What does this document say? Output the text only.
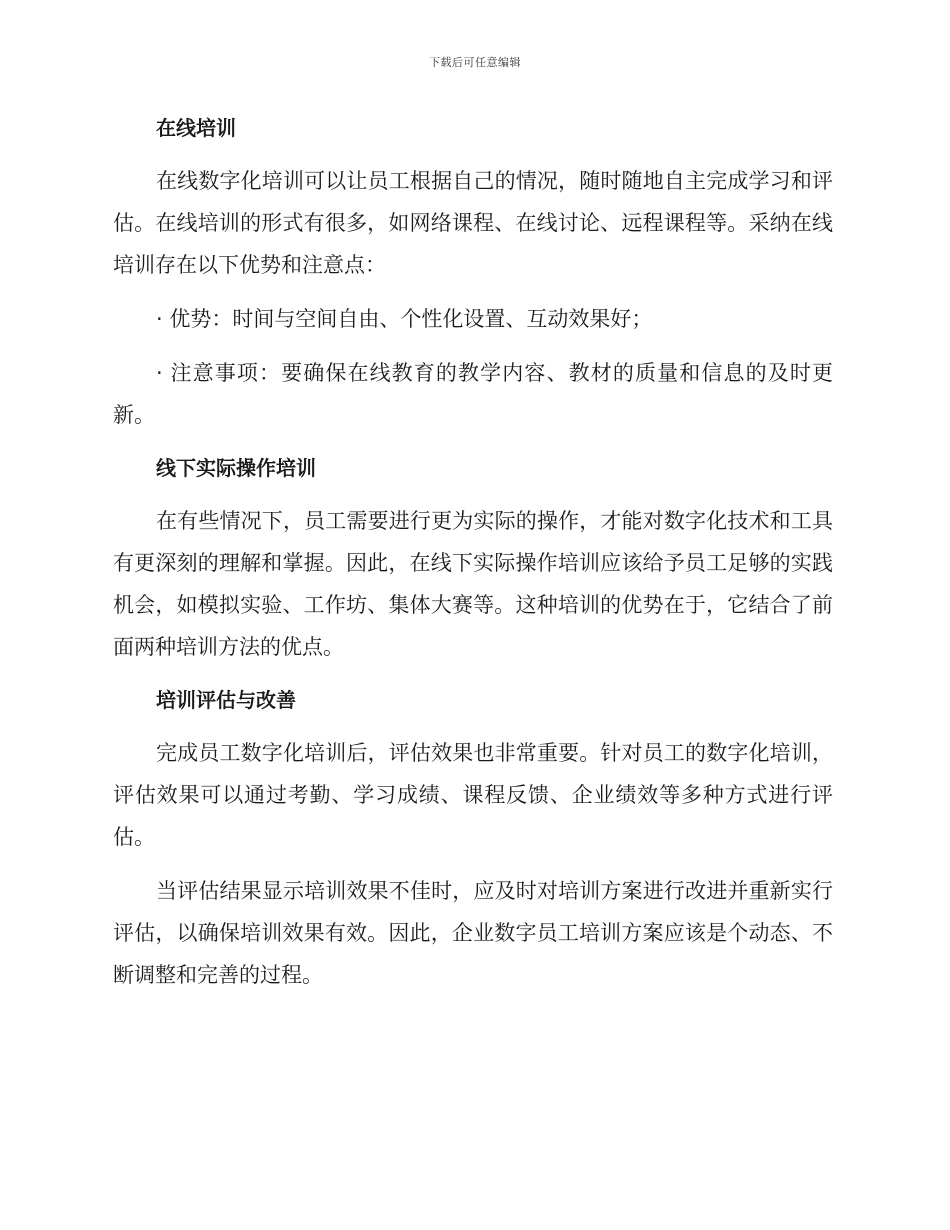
下载后可任意编辑
在线培训

在线数字化培训可以让员工根据自己的情况，随时随地自主完成学习和评估。在线培训的形式有很多，如网络课程、在线讨论、远程课程等。采纳在线培训存在以下优势和注意点：

· 优势：时间与空间自由、个性化设置、互动效果好；

· 注意事项：要确保在线教育的教学内容、教材的质量和信息的及时更新。

线下实际操作培训

在有些情况下，员工需要进行更为实际的操作，才能对数字化技术和工具有更深刻的理解和掌握。因此，在线下实际操作培训应该给予员工足够的实践机会，如模拟实验、工作坊、集体大赛等。这种培训的优势在于，它结合了前面两种培训方法的优点。

培训评估与改善

完成员工数字化培训后，评估效果也非常重要。针对员工的数字化培训，评估效果可以通过考勤、学习成绩、课程反馈、企业绩效等多种方式进行评估。

当评估结果显示培训效果不佳时，应及时对培训方案进行改进并重新实行评估，以确保培训效果有效。因此，企业数字员工培训方案应该是个动态、不断调整和完善的过程。
